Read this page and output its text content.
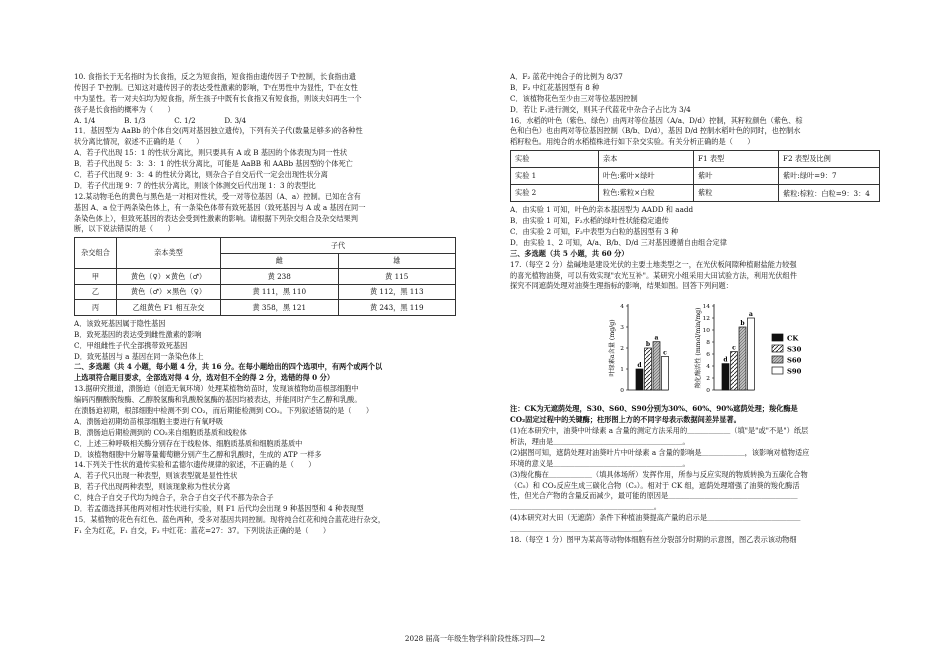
10. 食指长于无名指时为长食指，反之为短食指，短食指由遗传因子 Tˢ控制，长食指由遗

传因子 Tᴸ控制。已知这对遗传因子的表达受性激素的影响，Tˢ在男性中为显性，Tᴸ在女性

中为显性。若一对夫妇均为短食指，所生孩子中既有长食指又有短食指，则该夫妇再生一个

孩子是长食指的概率为（　　）

A. 1/4　　　　B. 1/3　　　　C. 1/2　　　　D. 3/4

11．基因型为 AaBb 的个体自交(两对基因独立遗传)，下列有关子代(数量足够多)的各种性

状分离比情况，叙述不正确的是（　　）

A．若子代出现 15：1 的性状分离比，则只要具有 A 或 B 基因的个体表现为同一性状

B．若子代出现 5：3：3：1 的性状分离比，可能是 AaBB 和 AABb 基因型的个体死亡

C．若子代出现 9：3：4 的性状分离比，则杂合子自交后代一定会出现性状分离

D．若子代出现 9：7 的性状分离比，则该个体测交后代出现 1：3 的表型比

12.某动物毛色的黄色与黑色是一对相对性状，受一对等位基因（A、a）控制。已知在含有

基因 A、a 位于两条染色体上，有一条染色体带有致死基因（致死基因与 A 或 a 基因在同一

条染色体上），但致死基因的表达会受到性激素的影响。请根据下列杂交组合及杂交结果判

断，以下说法错误的是（　　）

杂交组合	亲本类型	子代	
		雌	雄
甲	黄色（♀）×黄色（♂）	黄 238	黄 115
乙	黄色（♂）×黑色（♀）	黄 111，黑 110	黄 112，黑 113
丙	乙组黄色 F1 相互杂交	黄 358，黑 121	黄 243，黑 119

A．该致死基因属于隐性基因

B．致死基因的表达受到雌性激素的影响

C．甲组雌性子代全部携带致死基因

D．致死基因与 a 基因在同一条染色体上

二、多选题（共 4 小题，每小题 4 分，共 16 分。在每小题给出的四个选项中，有两个或两个以

上选项符合题目要求，全部选对得 4 分，选对但不全的得 2 分，选错的得 0 分）

13.据研究报道，溃肠迫（创造无氧环境）处理某植物幼苗时，发现该植物幼苗根部细胞中

编码丙酮酸脱羧酶、乙醇脱氢酶和乳酸脱氢酶的基因均被表达，并能同时产生乙醇和乳酸。

在溃肠迫初期，根部细胞中检测不到 CO₂，而后期能检测到 CO₂。下列叙述错误的是（　　）

A．溃肠迫初期幼苗根部细胞主要进行有氧呼吸

B．溃肠迫后期检测到的 CO₂来自细胞质基质和线粒体

C．上述三种呼吸相关酶分别存在于线粒体、细胞质基质和细胞质基质中

D．该植物细胞中分解等量葡萄糖分别产生乙醇和乳酸时，生成的 ATP 一样多

14.下列关于性状的遗传实验和孟德尔遗传规律的叙述，不正确的是（　　）

A．若子代只出现一种表型，则该表型就是显性性状

B．若子代出现两种表型，则该现象称为性状分离

C．纯合子自交子代均为纯合子，杂合子自交子代不都为杂合子

D．若孟德选择其他两对相对性状进行实验，则 F1 后代均会出现 9 种基因型和 4 种表现型

15．某植物的花色有红色、蓝色两种，受多对基因共同控制。现将纯合红花和纯合蓝花进行杂交，

F₁ 全为红花，F₁ 自交，F₂ 中红花：蓝花=27：37。下列说法正确的是（　　）

A．F₂ 蓝花中纯合子的比例为 8/37

B．F₂ 中红花基因型有 8 种

C．该植物花色至少由三对等位基因控制

D．若让 F₁进行测交，则其子代蓝花中杂合子占比为 3/4

16．水稻的叶色（紫色、绿色）由两对等位基因（A/a、D/d）控制，其籽粒颜色（紫色、棕

色和白色）也由两对等位基因控制（B/b、D/d），基因 D/d 控制水稻叶色的同时，也控制水

稻籽粒色。用纯合的水稻植株进行如下杂交实验。有关分析正确的是（　　）

实验	亲本	F1 表型	F2 表型及比例
实验 1	叶色:紫叶×绿叶	紫叶	紫叶:绿叶=9：7
实验 2	粒色:紫粒×白粒	紫粒	紫粒:棕粒：白粒=9：3：4

A．由实验 1 可知，叶色的亲本基因型为 AADD 和 aadd

B．由实验 1 可知，F₂水稻的绿叶性状能稳定遗传

C．由实验 2 可知，F₂中表型为白粒的基因型有 3 种

D．由实验 1、2 可知，A/a、B/b、D/d 三对基因遵循自由组合定律

三、多选题（共 5 小题，共 60 分）

17.（每空 2 分）盐碱地是建设光伏的主要土地类型之一，在光伏板间隙种植耐盐能力较强

的喜光植物油葵，可以有效实现"农光互补"。某研究小组采用大田试验方法，利用光伏组件

探究不同遮荫处理对油葵生理指标的影响，结果如图。回答下列问题：

叶绿素a含量 (mg/g)
0
1
2
3
4
d
b
a
c	羧化酶活性 (mmol/min/mg)
0
2
4
6
8
10
12
14
d
c
b
a
CK
S30
S60
S90

注：CK为无遮荫处理，S30、S60、S90分别为30%、60%、90%遮荫处理；羧化酶是

CO₂固定过程中的关键酶；柱形图上方的不同字母表示数据间差异显著。

(1)在本研究中，油葵中叶绿素 a 含量的测定方法采用的＿＿＿＿＿＿（填"是"或"不是"）纸层

析法，理由是＿＿＿＿＿＿＿＿＿＿＿＿＿＿＿＿＿＿。

(2)据图可知，遮荫处理对油葵叶片中叶绿素 a 含量的影响是＿＿＿＿＿＿，该影响对植物适应

环境的意义是＿＿＿＿＿＿＿＿＿＿＿＿＿＿＿＿＿＿。

(3)羧化酶在＿＿＿＿＿＿（填具体场所）发挥作用，所参与反应实现的物质转换为五碳化合物

（C₅）和 CO₂反应生成三碳化合物（C₃）。相对于 CK 组，遮荫处理增强了油葵的羧化酶活

性，但光合产物的含量反而减少，最可能的原因是＿＿＿＿＿＿＿＿＿＿＿＿＿＿＿＿＿＿

＿＿＿＿＿＿＿＿＿＿＿＿＿＿＿＿＿＿＿＿。

(4)本研究对大田（无遮荫）条件下种植油葵提高产量的启示是＿＿＿＿＿＿＿＿＿＿＿＿＿

＿＿＿＿＿＿＿＿＿＿＿＿＿＿＿＿＿＿。

18.（每空 1 分）图甲为某高等动物体细胞有丝分裂部分时期的示意图，图乙表示该动物细

2028 届高一年级生物学科阶段性练习四—2
